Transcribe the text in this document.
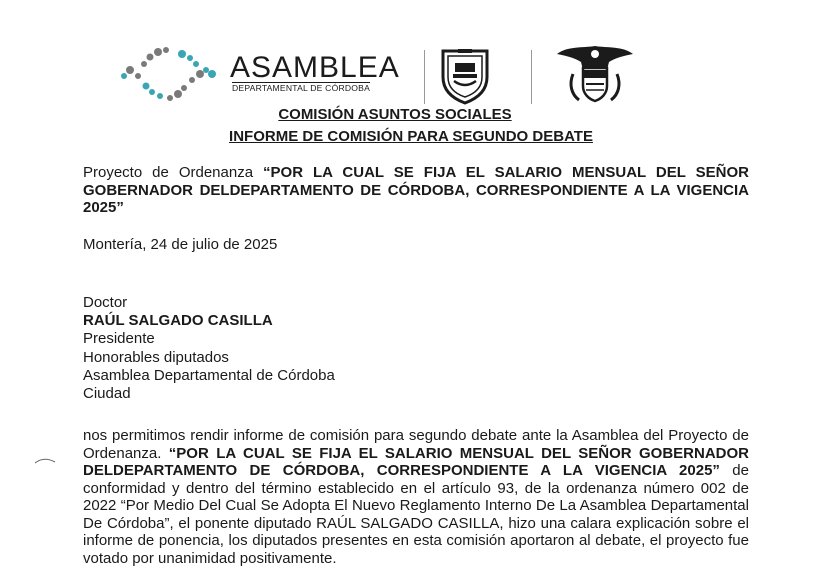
ASAMBLEA
DEPARTAMENTAL DE CÓRDOBA
COMISIÓN ASUNTOS SOCIALES
INFORME DE COMISIÓN PARA SEGUNDO DEBATE
Proyecto de Ordenanza “POR LA CUAL SE FIJA EL SALARIO MENSUAL DEL SEÑOR GOBERNADOR DELDEPARTAMENTO DE CÓRDOBA, CORRESPONDIENTE A LA VIGENCIA 2025”
Montería, 24 de julio de 2025
Doctor
RAÚL SALGADO CASILLA
Presidente
Honorables diputados
Asamblea Departamental de Córdoba
Ciudad
nos permitimos rendir informe de comisión para segundo debate ante la Asamblea del Proyecto de Ordenanza. “POR LA CUAL SE FIJA EL SALARIO MENSUAL DEL SEÑOR GOBERNADOR DELDEPARTAMENTO DE CÓRDOBA, CORRESPONDIENTE A LA VIGENCIA 2025” de conformidad y dentro del término establecido en el artículo 93, de la ordenanza número 002 de 2022 “Por Medio Del Cual Se Adopta El Nuevo Reglamento Interno De La Asamblea Departamental De Córdoba”, el ponente diputado RAÚL SALGADO CASILLA, hizo una calara explicación sobre el informe de ponencia, los diputados presentes en esta comisión aportaron al debate, el proyecto fue votado por unanimidad positivamente.
